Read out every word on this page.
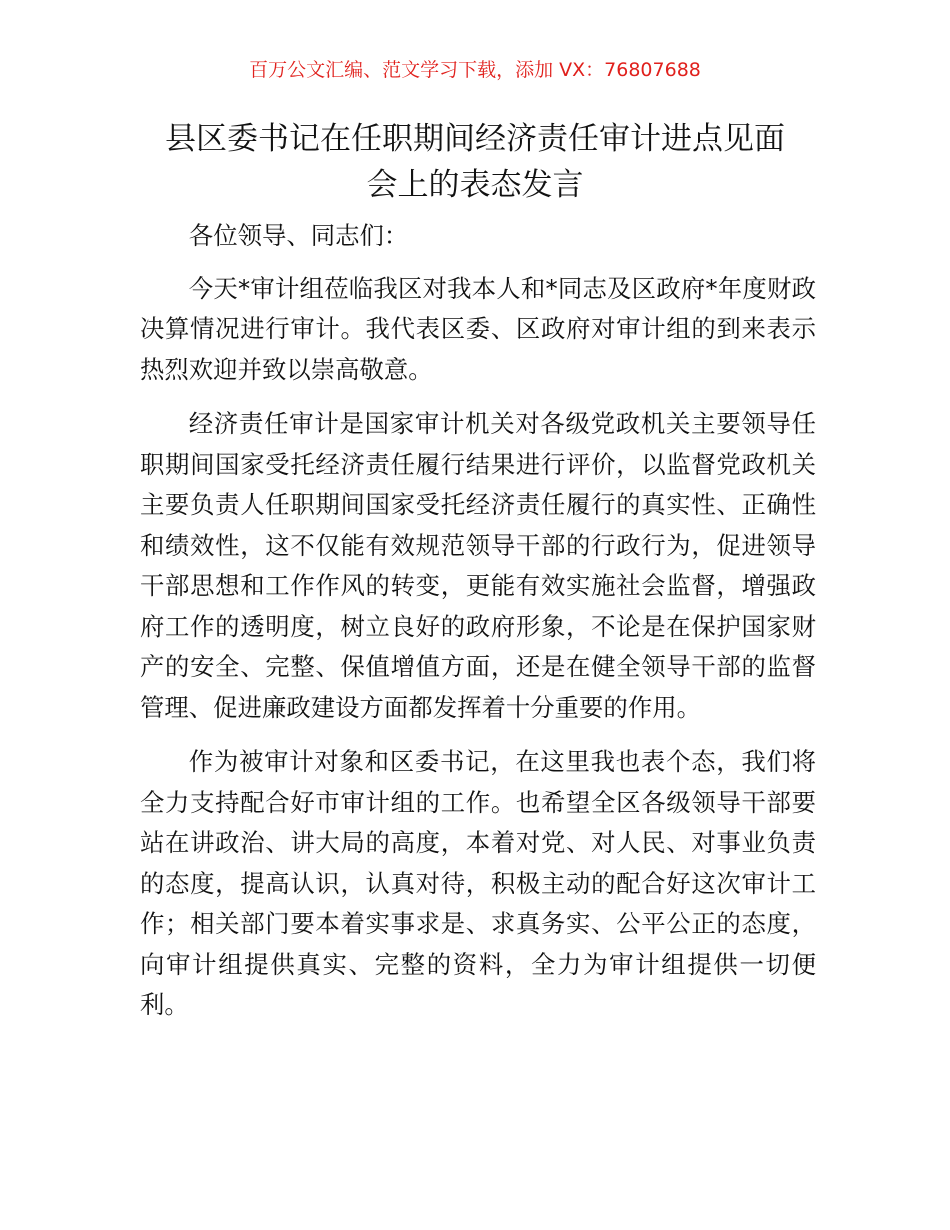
百万公文汇编、范文学习下载，添加 VX：76807688
县区委书记在任职期间经济责任审计进点见面
会上的表态发言

各位领导、同志们：

今天*审计组莅临我区对我本人和*同志及区政府*年度财政决算情况进行审计。我代表区委、区政府对审计组的到来表示热烈欢迎并致以崇高敬意。

经济责任审计是国家审计机关对各级党政机关主要领导任职期间国家受托经济责任履行结果进行评价，以监督党政机关主要负责人任职期间国家受托经济责任履行的真实性、正确性和绩效性，这不仅能有效规范领导干部的行政行为，促进领导干部思想和工作作风的转变，更能有效实施社会监督，增强政府工作的透明度，树立良好的政府形象，不论是在保护国家财产的安全、完整、保值增值方面，还是在健全领导干部的监督管理、促进廉政建设方面都发挥着十分重要的作用。

作为被审计对象和区委书记，在这里我也表个态，我们将全力支持配合好市审计组的工作。也希望全区各级领导干部要站在讲政治、讲大局的高度，本着对党、对人民、对事业负责的态度，提高认识，认真对待，积极主动的配合好这次审计工作；相关部门要本着实事求是、求真务实、公平公正的态度，向审计组提供真实、完整的资料，全力为审计组提供一切便利。
